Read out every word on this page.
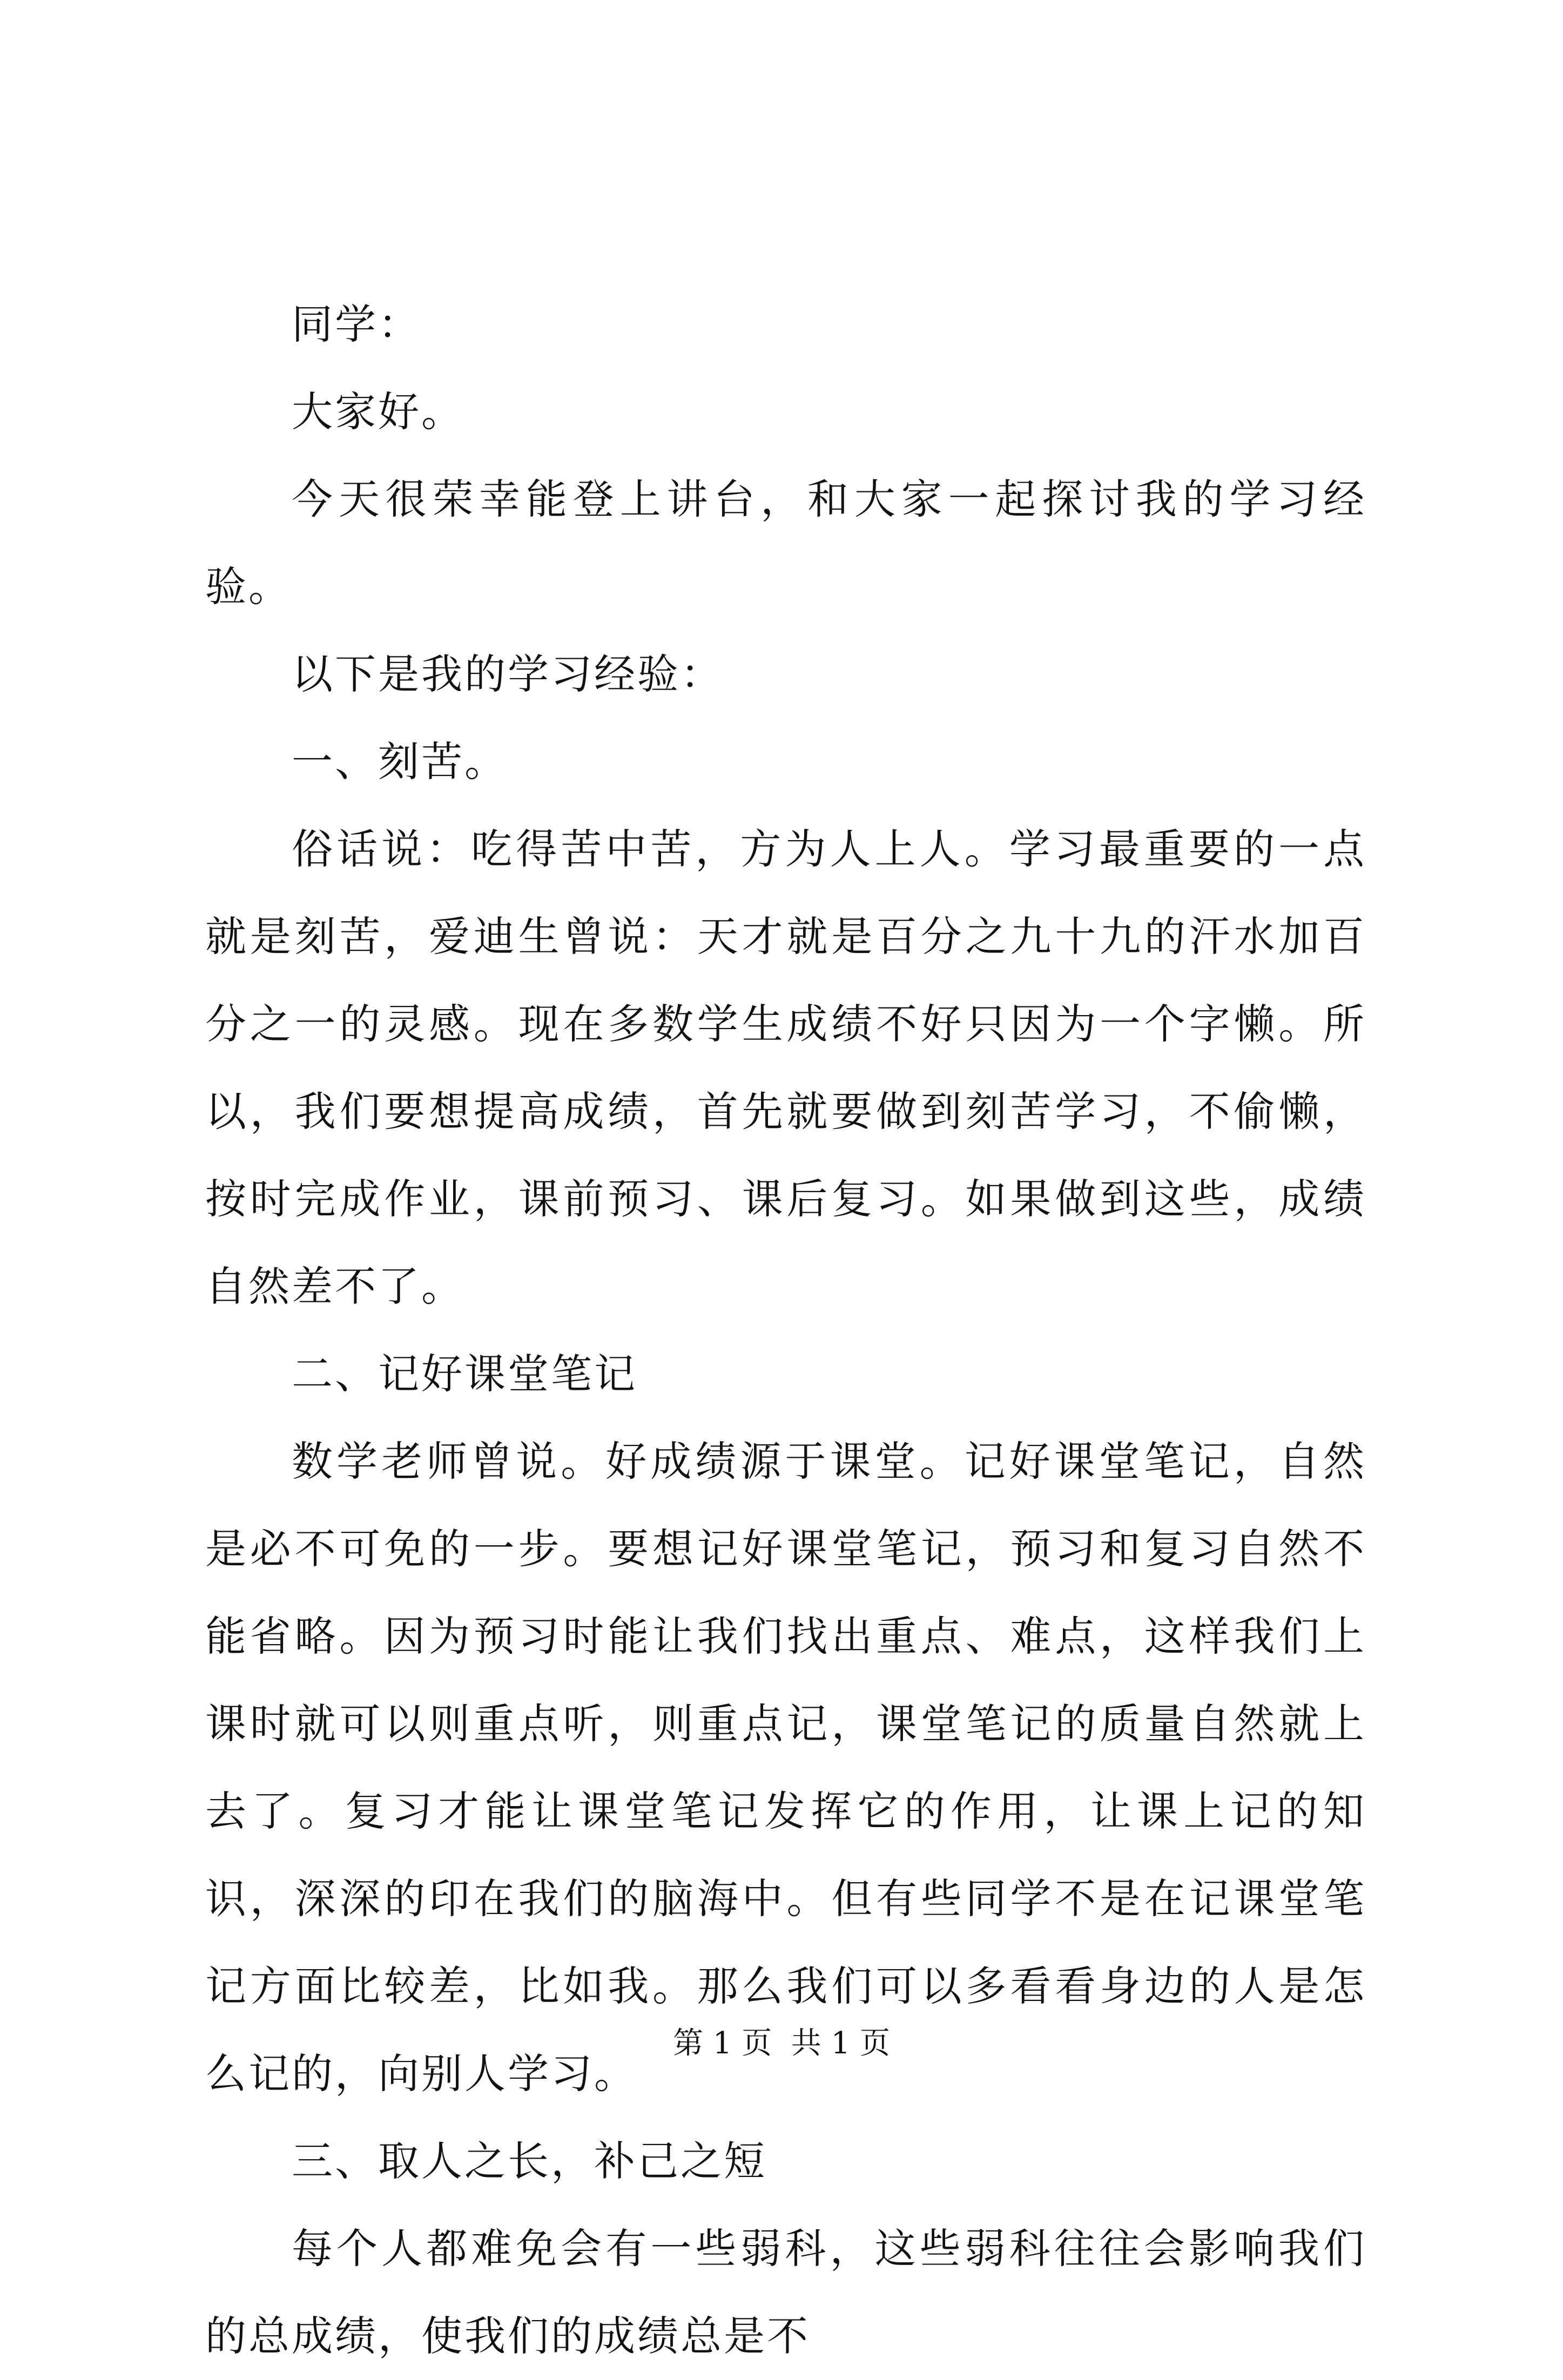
同学：

大家好。

今天很荣幸能登上讲台，和大家一起探讨我的学习经验。

以下是我的学习经验：

一、刻苦。

俗话说：吃得苦中苦，方为人上人。学习最重要的一点就是刻苦，爱迪生曾说：天才就是百分之九十九的汗水加百分之一的灵感。现在多数学生成绩不好只因为一个字懒。所以，我们要想提高成绩，首先就要做到刻苦学习，不偷懒，按时完成作业，课前预习、课后复习。如果做到这些，成绩自然差不了。

二、记好课堂笔记

数学老师曾说。好成绩源于课堂。记好课堂笔记，自然是必不可免的一步。要想记好课堂笔记，预习和复习自然不能省略。因为预习时能让我们找出重点、难点，这样我们上课时就可以则重点听，则重点记，课堂笔记的质量自然就上去了。复习才能让课堂笔记发挥它的作用，让课上记的知识，深深的印在我们的脑海中。但有些同学不是在记课堂笔记方面比较差，比如我。那么我们可以多看看身边的人是怎么记的，向别人学习。

三、取人之长，补己之短

每个人都难免会有一些弱科，这些弱科往往会影响我们的总成绩，使我们的成绩总是不

第 1 页  共 1 页
